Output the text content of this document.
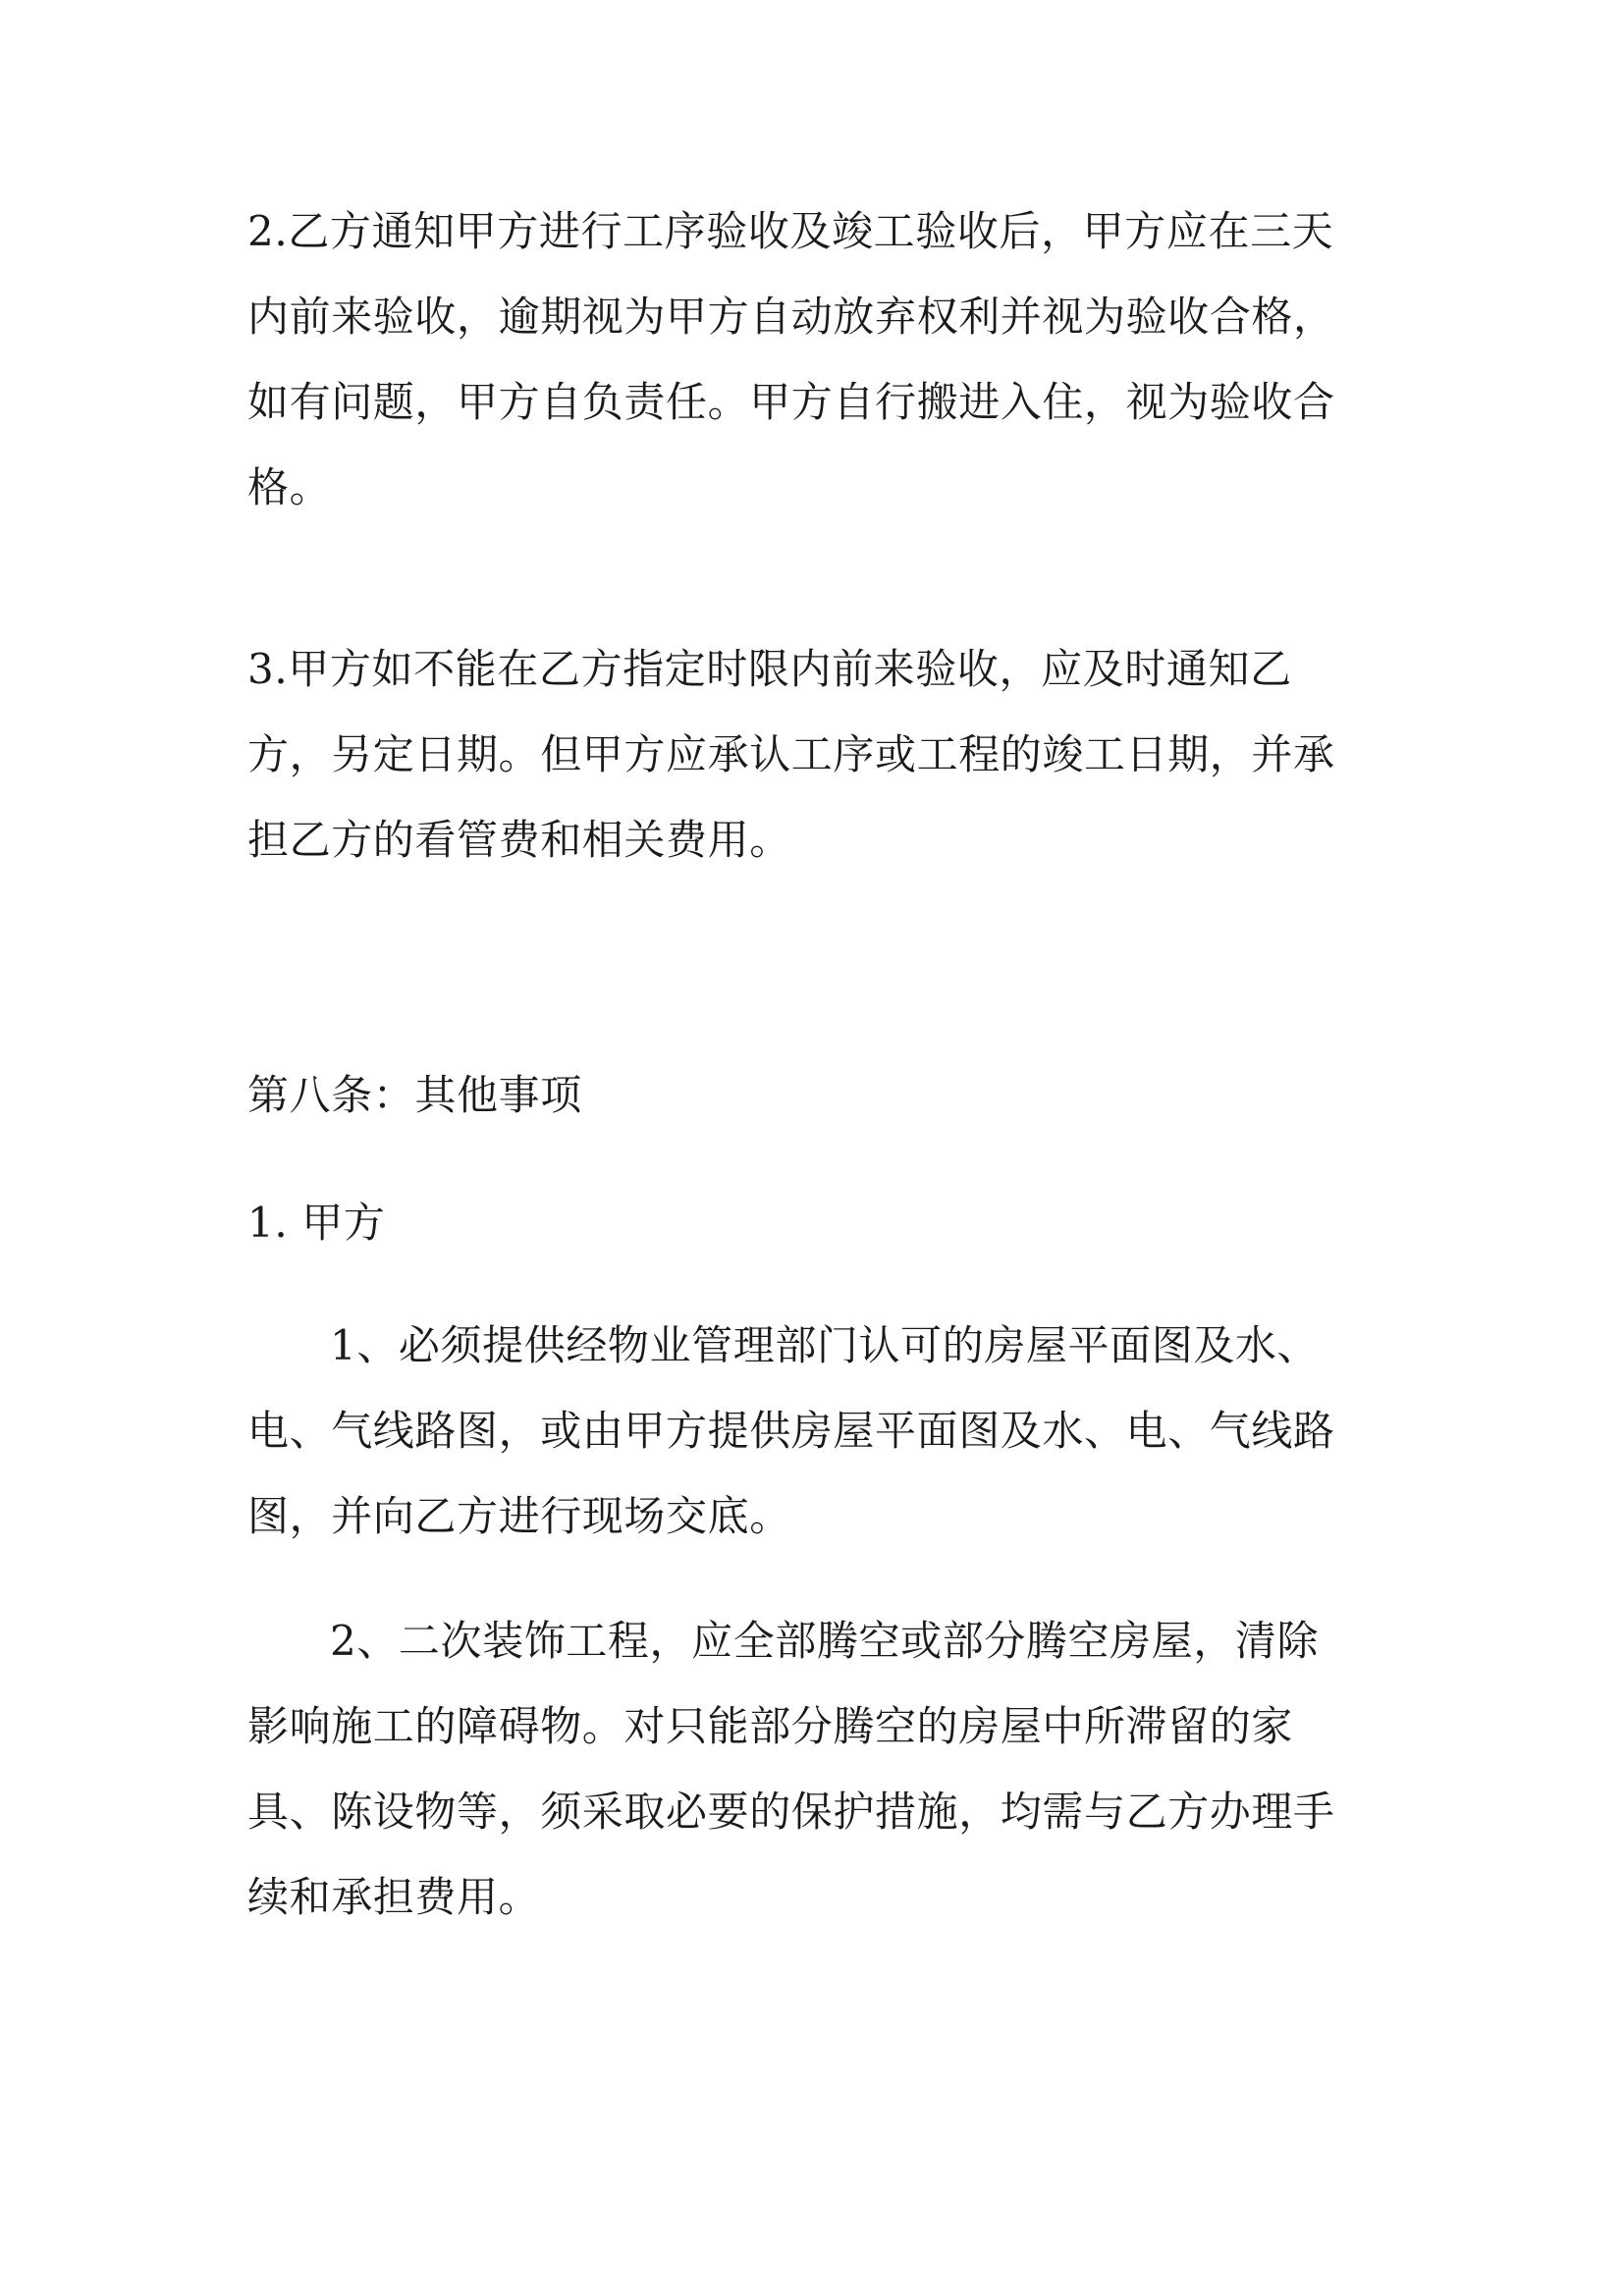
2.乙方通知甲方进行工序验收及竣工验收后，甲方应在三天
内前来验收，逾期视为甲方自动放弃权利并视为验收合格，
如有问题，甲方自负责任。甲方自行搬进入住，视为验收合
格。
3.甲方如不能在乙方指定时限内前来验收，应及时通知乙
方，另定日期。但甲方应承认工序或工程的竣工日期，并承
担乙方的看管费和相关费用。
第八条：其他事项
1. 甲方
1、必须提供经物业管理部门认可的房屋平面图及水、
电、气线路图，或由甲方提供房屋平面图及水、电、气线路
图，并向乙方进行现场交底。
2、二次装饰工程，应全部腾空或部分腾空房屋，清除
影响施工的障碍物。对只能部分腾空的房屋中所滞留的家
具、陈设物等，须采取必要的保护措施，均需与乙方办理手
续和承担费用。
